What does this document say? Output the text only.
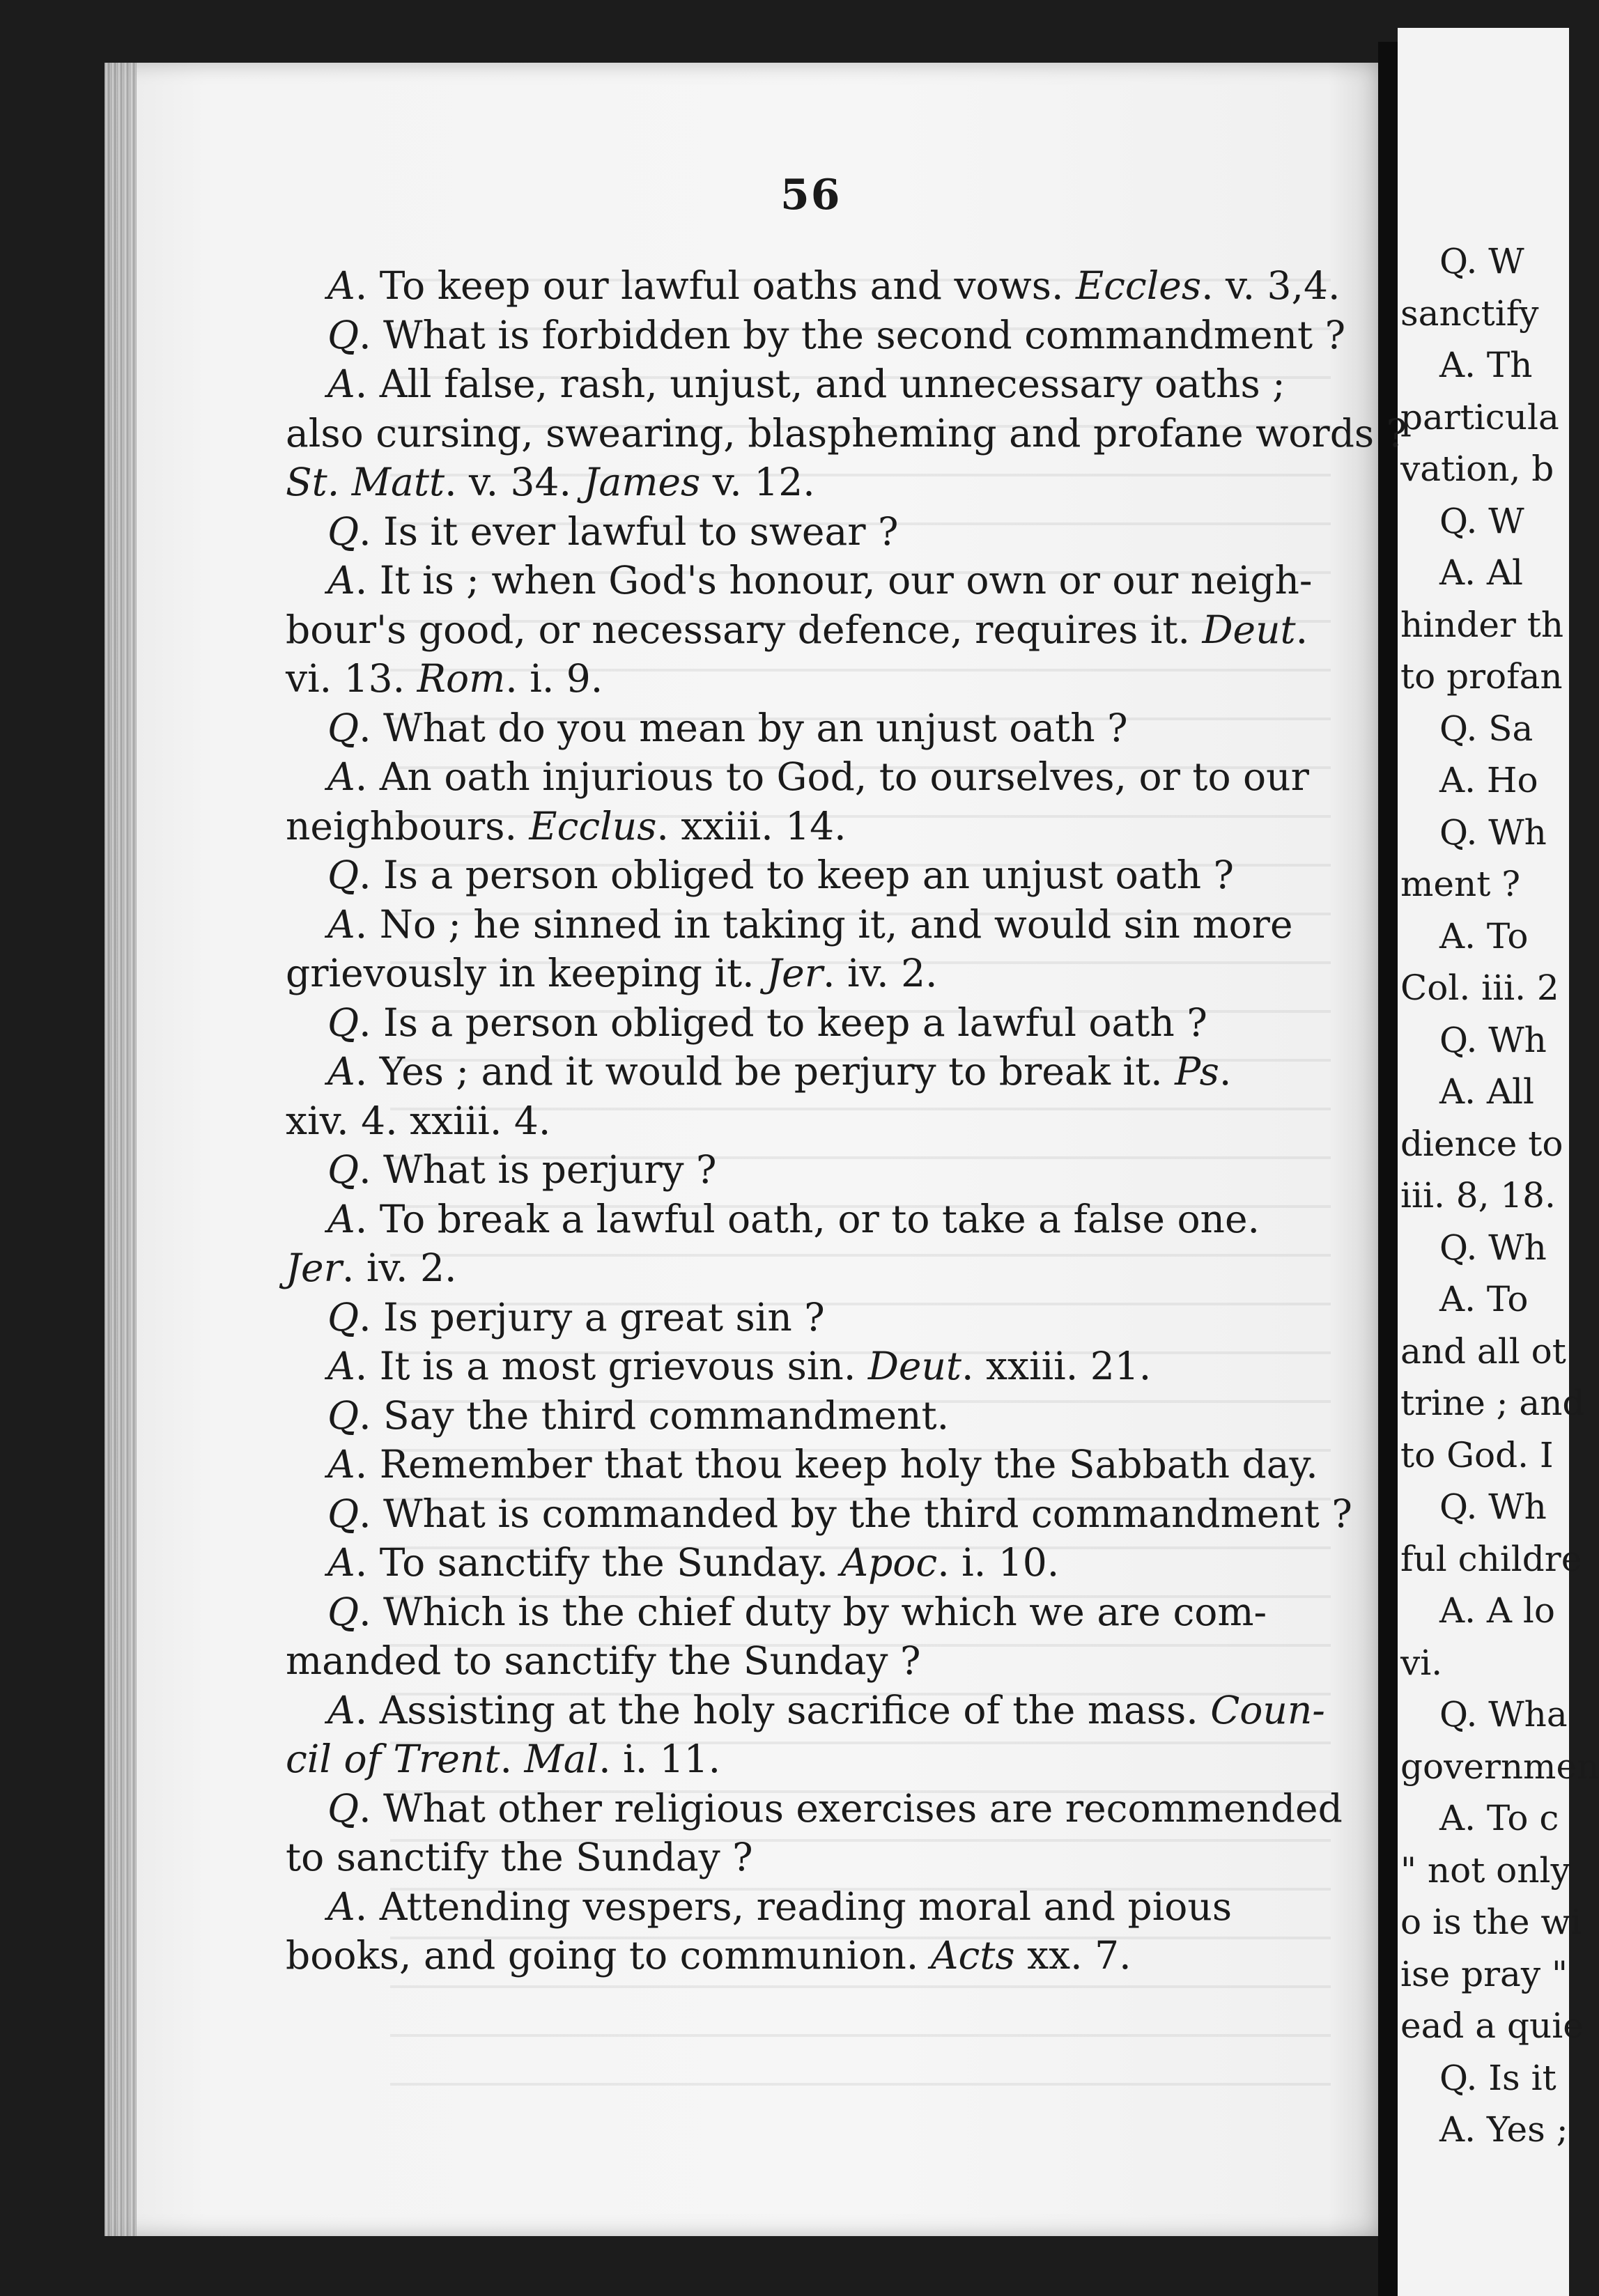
Q. W
sanctify
A. Th
particula
vation, b
Q. W
A. Al
hinder th
to profan
Q. Sa
A. Ho
Q. Wh
ment ?
A. To
Col. iii. 2
Q. Wh
A. All
dience to
iii. 8, 18.
Q. Wh
A. To
and all ot
trine ; and
to God. I
Q. Wh
ful childre
A. A lo
vi.
Q. Wha
governmen
A. To c
" not only
o is the wi
ise pray "
ead a quie
Q. Is it
A. Yes ;
56
A. To keep our lawful oaths and vows. Eccles. v. 3,4.
Q. What is forbidden by the second commandment ?
A. All false, rash, unjust, and unnecessary oaths ;
also cursing, swearing, blaspheming and profane words ?
St. Matt. v. 34. James v. 12.
Q. Is it ever lawful to swear ?
A. It is ; when God's honour, our own or our neigh-
bour's good, or necessary defence, requires it. Deut.
vi. 13. Rom. i. 9.
Q. What do you mean by an unjust oath ?
A. An oath injurious to God, to ourselves, or to our
neighbours. Ecclus. xxiii. 14.
Q. Is a person obliged to keep an unjust oath ?
A. No ; he sinned in taking it, and would sin more
grievously in keeping it. Jer. iv. 2.
Q. Is a person obliged to keep a lawful oath ?
A. Yes ; and it would be perjury to break it. Ps.
xiv. 4. xxiii. 4.
Q. What is perjury ?
A. To break a lawful oath, or to take a false one.
Jer. iv. 2.
Q. Is perjury a great sin ?
A. It is a most grievous sin. Deut. xxiii. 21.
Q. Say the third commandment.
A. Remember that thou keep holy the Sabbath day.
Q. What is commanded by the third commandment ?
A. To sanctify the Sunday. Apoc. i. 10.
Q. Which is the chief duty by which we are com-
manded to sanctify the Sunday ?
A. Assisting at the holy sacrifice of the mass. Coun-
cil of Trent. Mal. i. 11.
Q. What other religious exercises are recommended
to sanctify the Sunday ?
A. Attending vespers, reading moral and pious
books, and going to communion. Acts xx. 7.
